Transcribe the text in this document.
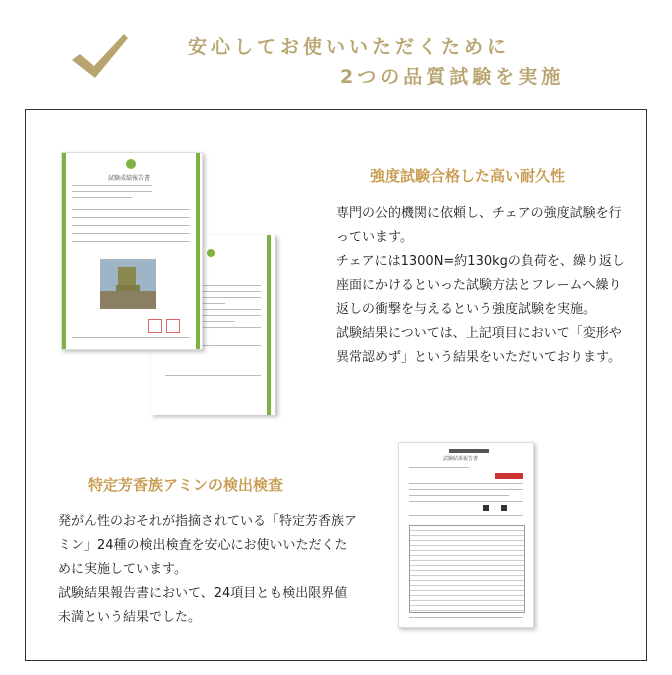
安心してお使いいただくために
2つの品質試験を実施
試験成績報告書	強度試験合格した高い耐久性

専門の公的機関に依頼し、チェアの強度試験を行っています。

チェアには1300N=約130kgの負荷を、繰り返し座面にかけるといった試験方法とフレームへ繰り返しの衝撃を与えるという強度試験を実施。

試験結果については、上記項目において「変形や異常認めず」という結果をいただいております。

特定芳香族アミンの検出検査

発がん性のおそれが指摘されている「特定芳香族アミン」24種の検出検査を安心にお使いいただくために実施しています。

試験結果報告書において、24項目とも検出限界値未満という結果でした。

試験結果報告書
